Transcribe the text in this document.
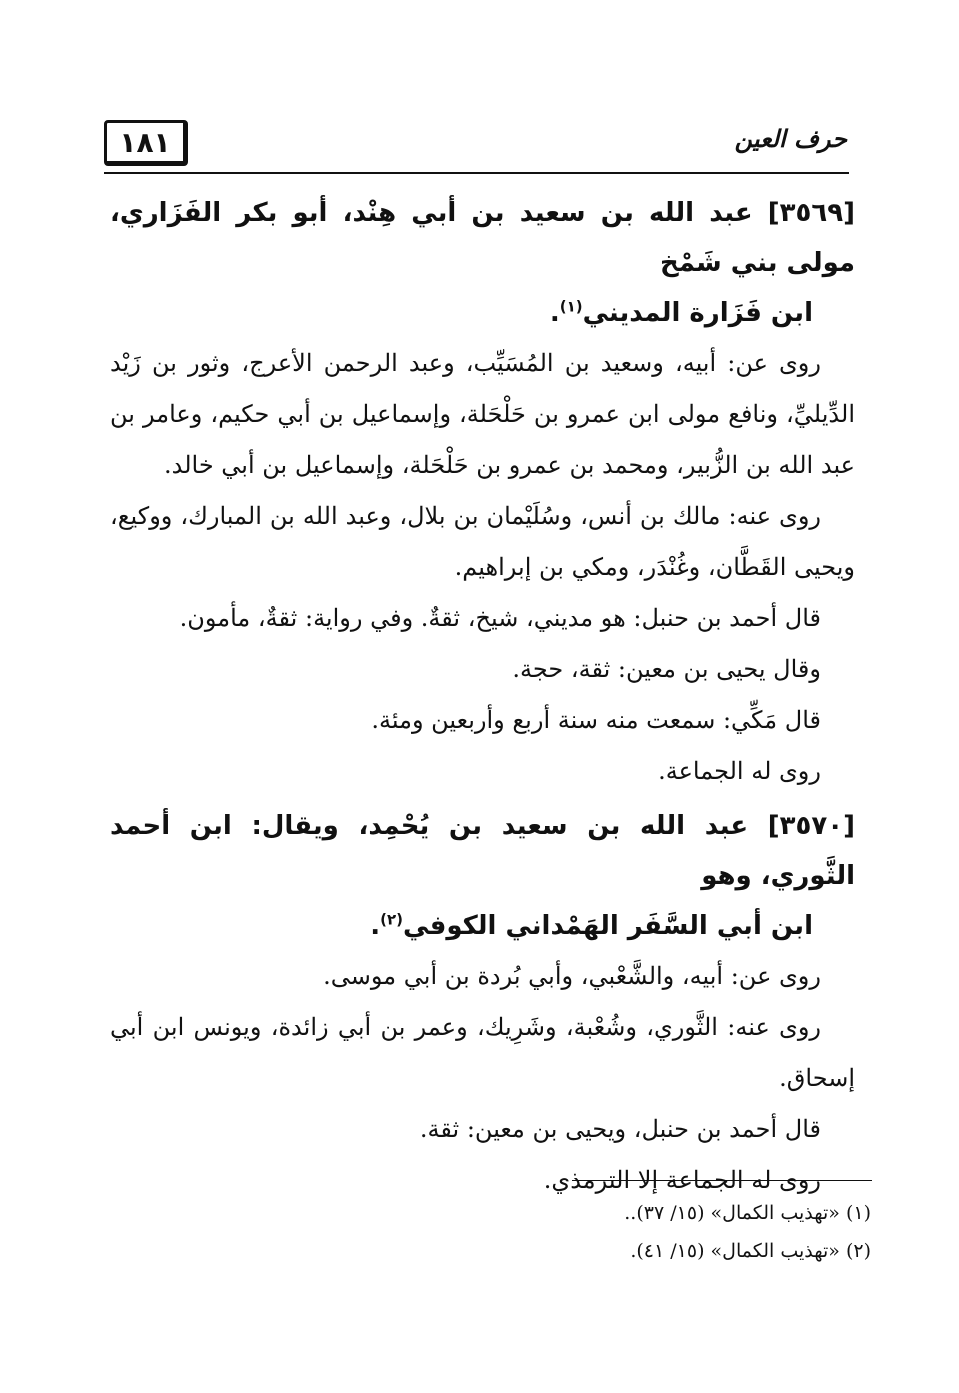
١٨١	حرف العين

[٣٥٦٩] عبد الله بن سعيد بن أبي هِنْد، أبو بكر الفَزَاري، مولى بني شَمْخ
ابن فَزَارة المديني$^{(١)}$.

روى عن: أبيه، وسعيد بن المُسَيِّب، وعبد الرحمن الأعرج، وثور بن زَيْد الدِّيليِّ، ونافع مولى ابن عمرو بن حَلْحَلة، وإسماعيل بن أبي حكيم، وعامر بن عبد الله بن الزُّبير، ومحمد بن عمرو بن حَلْحَلة، وإسماعيل بن أبي خالد.

روى عنه: مالك بن أنس، وسُلَيْمان بن بلال، وعبد الله بن المبارك، ووكيع، ويحيى القَطَّان، وغُنْدَر، ومكي بن إبراهيم.

قال أحمد بن حنبل: هو مديني، شيخ، ثقةٌ. وفي رواية: ثقةٌ، مأمون.

وقال يحيى بن معين: ثقة، حجة.

قال مَكِّي: سمعت منه سنة أربع وأربعين ومئة.

روى له الجماعة.

[٣٥٧٠] عبد الله بن سعيد بن يُحْمِد، ويقال: ابن أحمد الثَّوري، وهو
ابن أبي السَّفَر الهَمْداني الكوفي$^{(٢)}$.

روى عن: أبيه، والشَّعْبي، وأبي بُردة بن أبي موسى.

روى عنه: الثَّوري، وشُعْبة، وشَرِيك، وعمر بن أبي زائدة، ويونس ابن أبي إسحاق.

قال أحمد بن حنبل، ويحيى بن معين: ثقة.

روى له الجماعة إلا الترمذي.

(١) «تهذيب الكمال» (١٥/ ٣٧)..

(٢) «تهذيب الكمال» (١٥/ ٤١).
